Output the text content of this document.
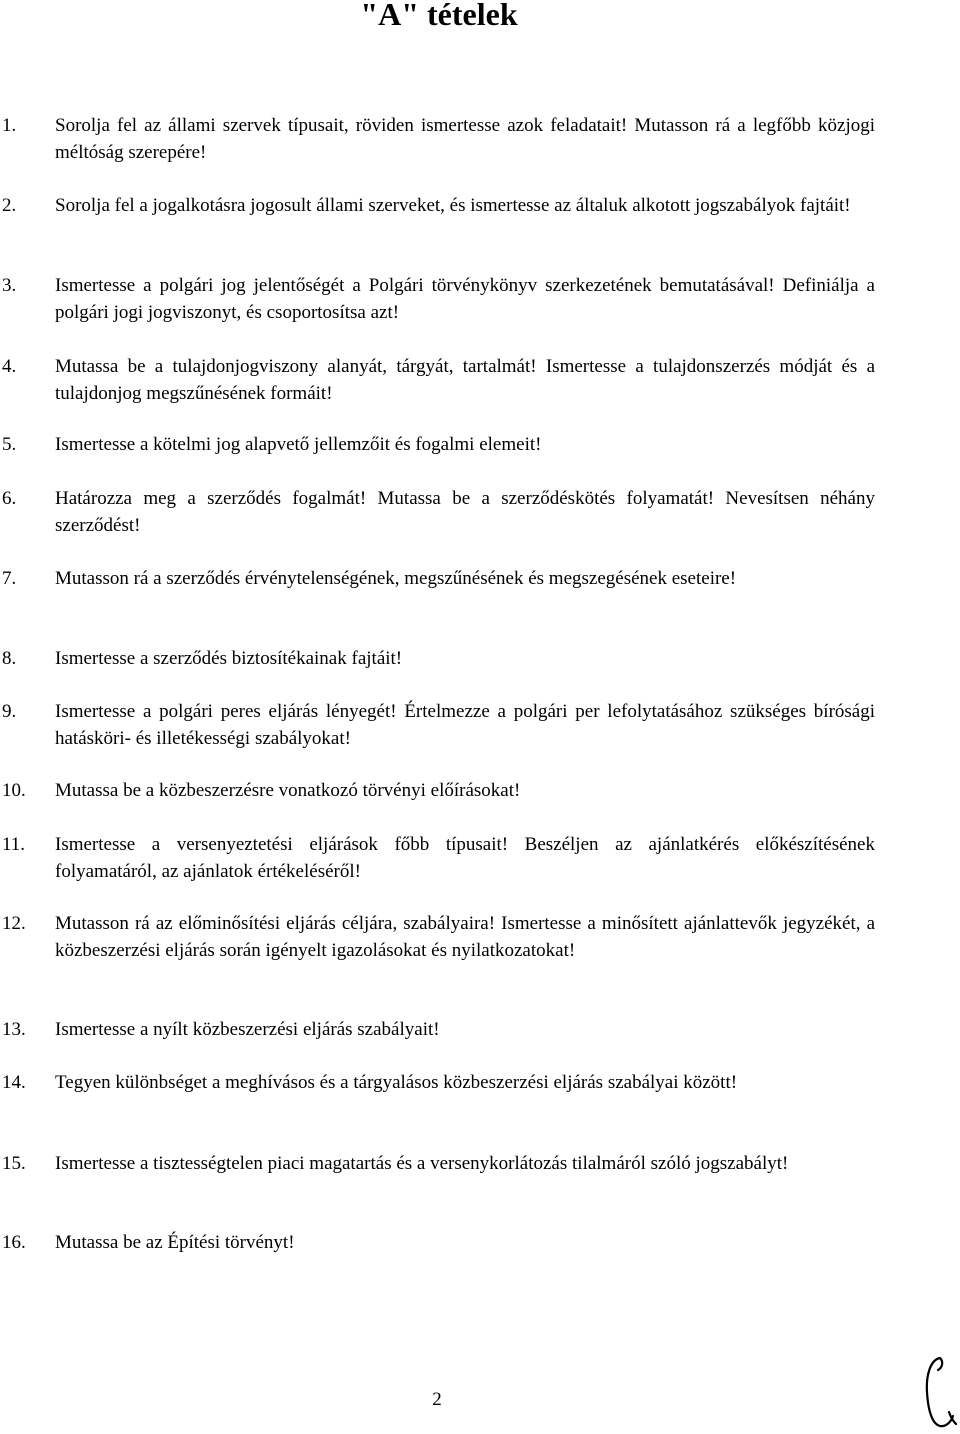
"A" tételek
1. Sorolja fel az állami szervek típusait, röviden ismertesse azok feladatait! Mutasson rá a legfőbb közjogi méltóság szerepére!
2. Sorolja fel a jogalkotásra jogosult állami szerveket, és ismertesse az általuk alkotott jogszabályok fajtáit!
3. Ismertesse a polgári jog jelentőségét a Polgári törvénykönyv szerkezetének bemutatásával! Definiálja a polgári jogi jogviszonyt, és csoportosítsa azt!
4. Mutassa be a tulajdonjogviszony alanyát, tárgyát, tartalmát! Ismertesse a tulajdonszerzés módját és a tulajdonjog megszűnésének formáit!
5. Ismertesse a kötelmi jog alapvető jellemzőit és fogalmi elemeit!
6. Határozza meg a szerződés fogalmát! Mutassa be a szerződéskötés folyamatát! Nevesítsen néhány szerződést!
7. Mutasson rá a szerződés érvénytelenségének, megszűnésének és megszegésének eseteire!
8. Ismertesse a szerződés biztosítékainak fajtáit!
9. Ismertesse a polgári peres eljárás lényegét! Értelmezze a polgári per lefolytatásához szükséges bírósági hatásköri- és illetékességi szabályokat!
10. Mutassa be a közbeszerzésre vonatkozó törvényi előírásokat!
11. Ismertesse a versenyeztetési eljárások főbb típusait! Beszéljen az ajánlatkérés előkészítésének folyamatáról, az ajánlatok értékeléséről!
12. Mutasson rá az előminősítési eljárás céljára, szabályaira! Ismertesse a minősített ajánlattevők jegyzékét, a közbeszerzési eljárás során igényelt igazolásokat és nyilatkozatokat!
13. Ismertesse a nyílt közbeszerzési eljárás szabályait!
14. Tegyen különbséget a meghívásos és a tárgyalásos közbeszerzési eljárás szabályai között!
15. Ismertesse a tisztességtelen piaci magatartás és a versenykorlátozás tilalmáról szóló jogszabályt!
16. Mutassa be az Építési törvényt!
2
